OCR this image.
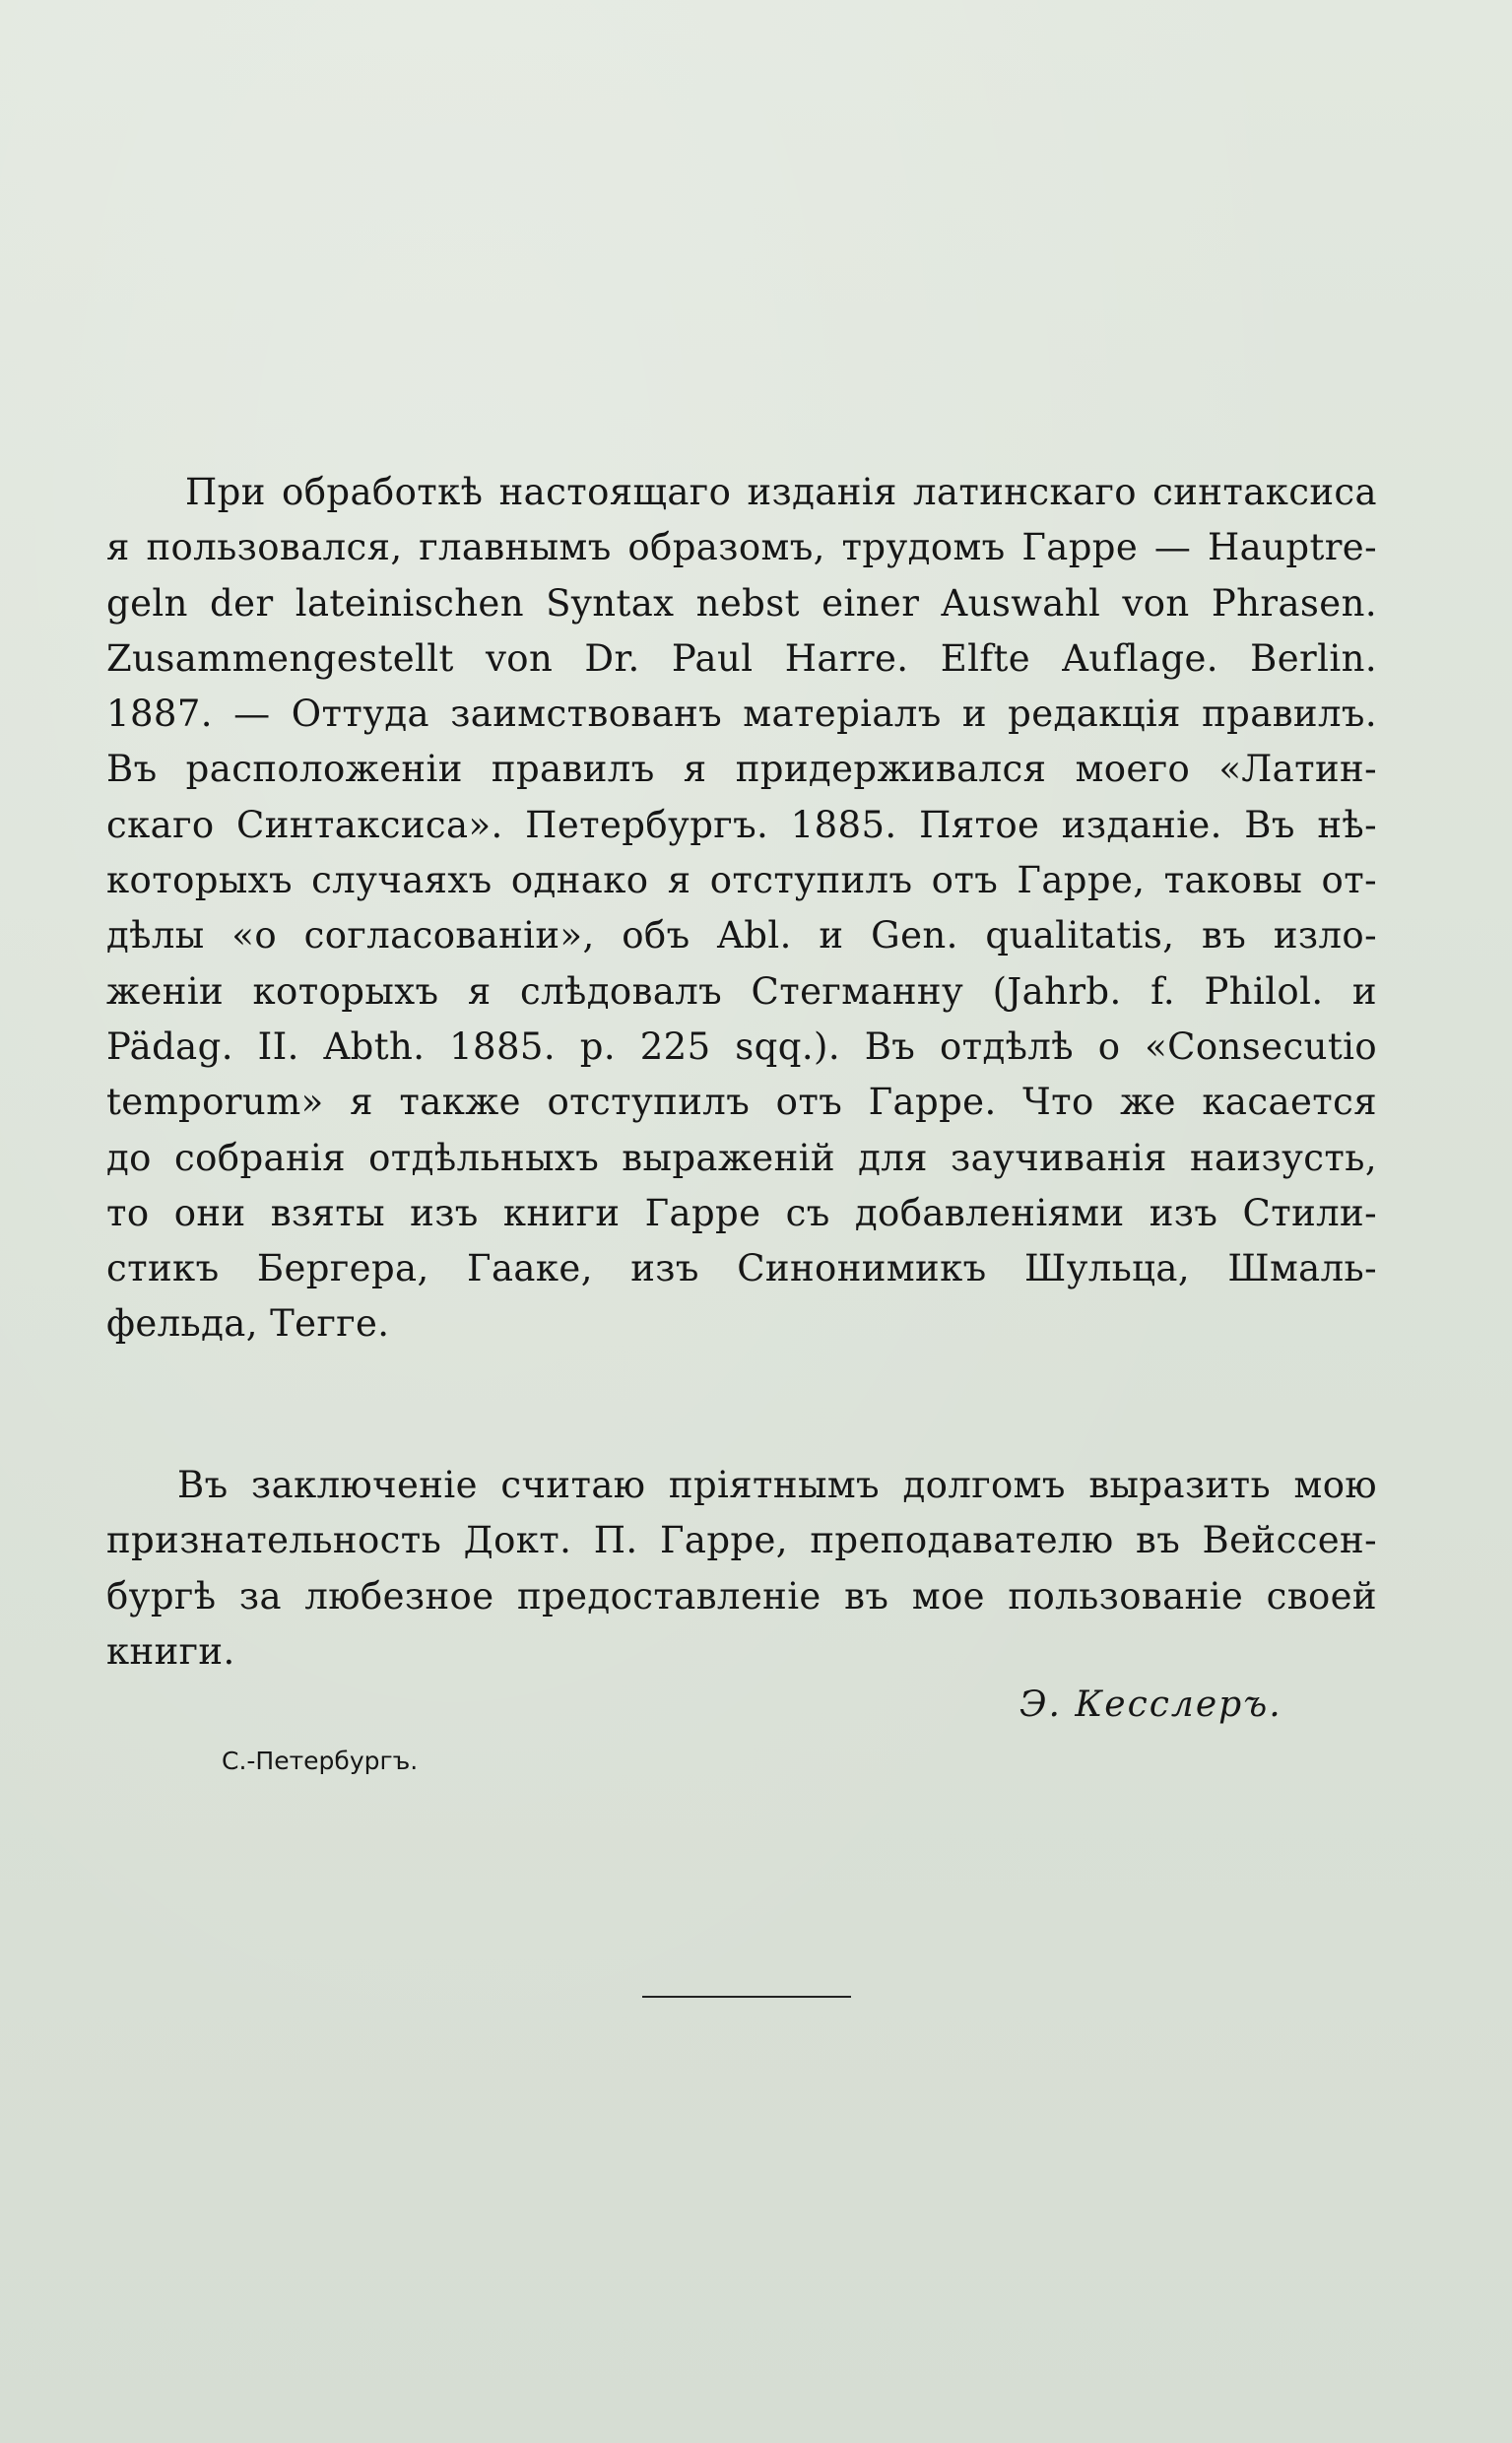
При обработкѣ настоящаго изданія латинскаго синтаксиса
я пользовался, главнымъ образомъ, трудомъ Гарре — Hauptre-
geln der lateinischen Syntax nebst einer Auswahl von Phrasen.
Zusammengestellt von Dr. Paul Harre. Elfte Auflage. Berlin.
1887. — Оттуда заимствованъ матеріалъ и редакція правилъ.
Въ расположеніи правилъ я придерживался моего «Латин-
скаго Синтаксиса». Петербургъ. 1885. Пятое изданіе. Въ нѣ-
которыхъ случаяхъ однако я отступилъ отъ Гарре, таковы от-
дѣлы «о согласованіи», объ Abl. и Gen. qualitatis, въ изло-
женіи которыхъ я слѣдовалъ Стегманну (Jahrb. f. Philol. и
Pädag. II. Abth. 1885. p. 225 sqq.). Въ отдѣлѣ о «Consecutio
temporum» я также отступилъ отъ Гарре. Что же касается
до собранія отдѣльныхъ выраженій для заучиванія наизусть,
то они взяты изъ книги Гарре съ добавленіями изъ Стили-
стикъ Бергера, Гааке, изъ Синонимикъ Шульца, Шмаль-
фельда, Тегге.
Въ заключеніе считаю пріятнымъ долгомъ выразить мою
признательность Докт. П. Гарре, преподавателю въ Вейссен-
бургѣ за любезное предоставленіе въ мое пользованіе своей
книги.
Э. Кесслеръ.
С.-Петербургъ.
